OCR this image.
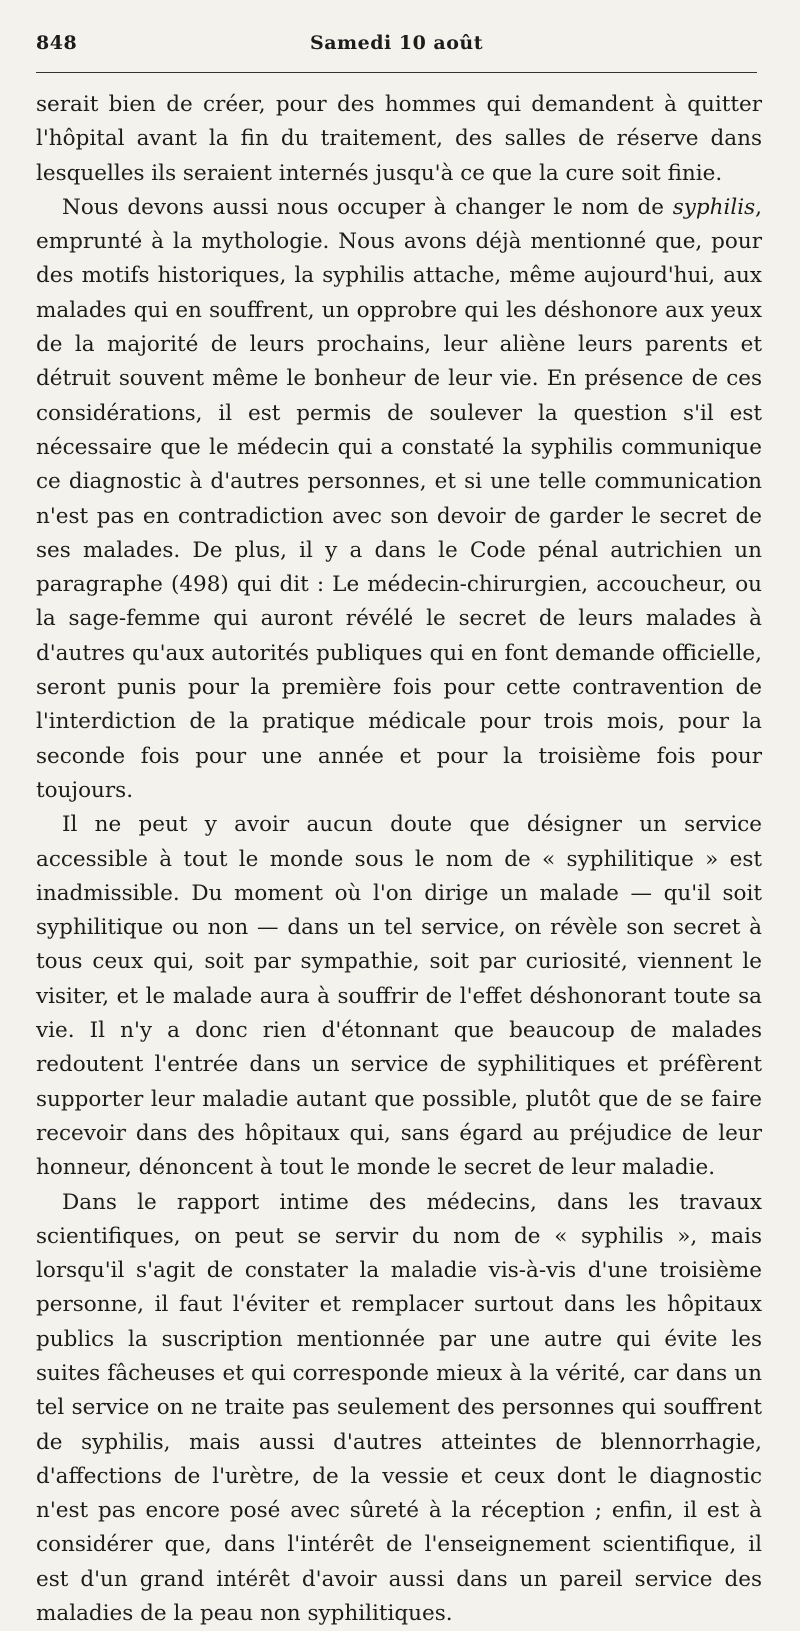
848	Samedi 10 août

serait bien de créer, pour des hommes qui demandent à quitter l'hôpital avant la fin du traitement, des salles de réserve dans lesquelles ils seraient internés jusqu'à ce que la cure soit finie.

Nous devons aussi nous occuper à changer le nom de syphilis, emprunté à la mythologie. Nous avons déjà mentionné que, pour des motifs historiques, la syphilis attache, même aujourd'hui, aux malades qui en souffrent, un opprobre qui les déshonore aux yeux de la majorité de leurs prochains, leur aliène leurs parents et détruit souvent même le bonheur de leur vie. En présence de ces considérations, il est permis de soulever la question s'il est nécessaire que le médecin qui a constaté la syphilis communique ce diagnostic à d'autres personnes, et si une telle communication n'est pas en contradiction avec son devoir de garder le secret de ses malades. De plus, il y a dans le Code pénal autrichien un paragraphe (498) qui dit : Le médecin-chirurgien, accoucheur, ou la sage-femme qui auront révélé le secret de leurs malades à d'autres qu'aux autorités publiques qui en font demande officielle, seront punis pour la première fois pour cette contravention de l'interdiction de la pratique médicale pour trois mois, pour la seconde fois pour une année et pour la troisième fois pour toujours.

Il ne peut y avoir aucun doute que désigner un service accessible à tout le monde sous le nom de « syphilitique » est inadmissible. Du moment où l'on dirige un malade — qu'il soit syphilitique ou non — dans un tel service, on révèle son secret à tous ceux qui, soit par sympathie, soit par curiosité, viennent le visiter, et le malade aura à souffrir de l'effet déshonorant toute sa vie. Il n'y a donc rien d'étonnant que beaucoup de malades redoutent l'entrée dans un service de syphilitiques et préfèrent supporter leur maladie autant que possible, plutôt que de se faire recevoir dans des hôpitaux qui, sans égard au préjudice de leur honneur, dénoncent à tout le monde le secret de leur maladie.

Dans le rapport intime des médecins, dans les travaux scientifiques, on peut se servir du nom de « syphilis », mais lorsqu'il s'agit de constater la maladie vis-à-vis d'une troisième personne, il faut l'éviter et remplacer surtout dans les hôpitaux publics la suscription mentionnée par une autre qui évite les suites fâcheuses et qui corresponde mieux à la vérité, car dans un tel service on ne traite pas seulement des personnes qui souffrent de syphilis, mais aussi d'autres atteintes de blennorrhagie, d'affections de l'urètre, de la vessie et ceux dont le diagnostic n'est pas encore posé avec sûreté à la réception ; enfin, il est à considérer que, dans l'intérêt de l'enseignement scientifique, il est d'un grand intérêt d'avoir aussi dans un pareil service des maladies de la peau non syphilitiques.
